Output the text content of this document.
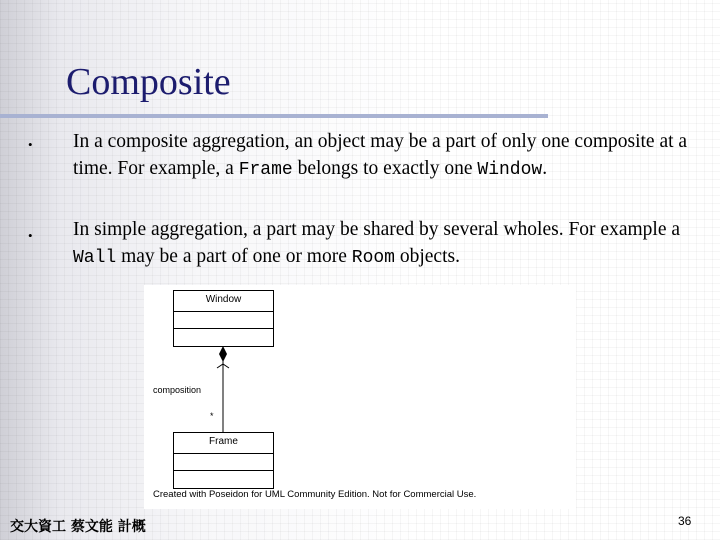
Composite
• In a composite aggregation, an object may be a part of only one composite at a time. For example, a Frame belongs to exactly one Window.
• In simple aggregation, a part may be shared by several wholes. For example a Wall may be a part of one or more Room objects.
Window
composition
*
Frame
Created with Poseidon for UML Community Edition. Not for Commercial Use.
交大資工 蔡文能 計概	36
